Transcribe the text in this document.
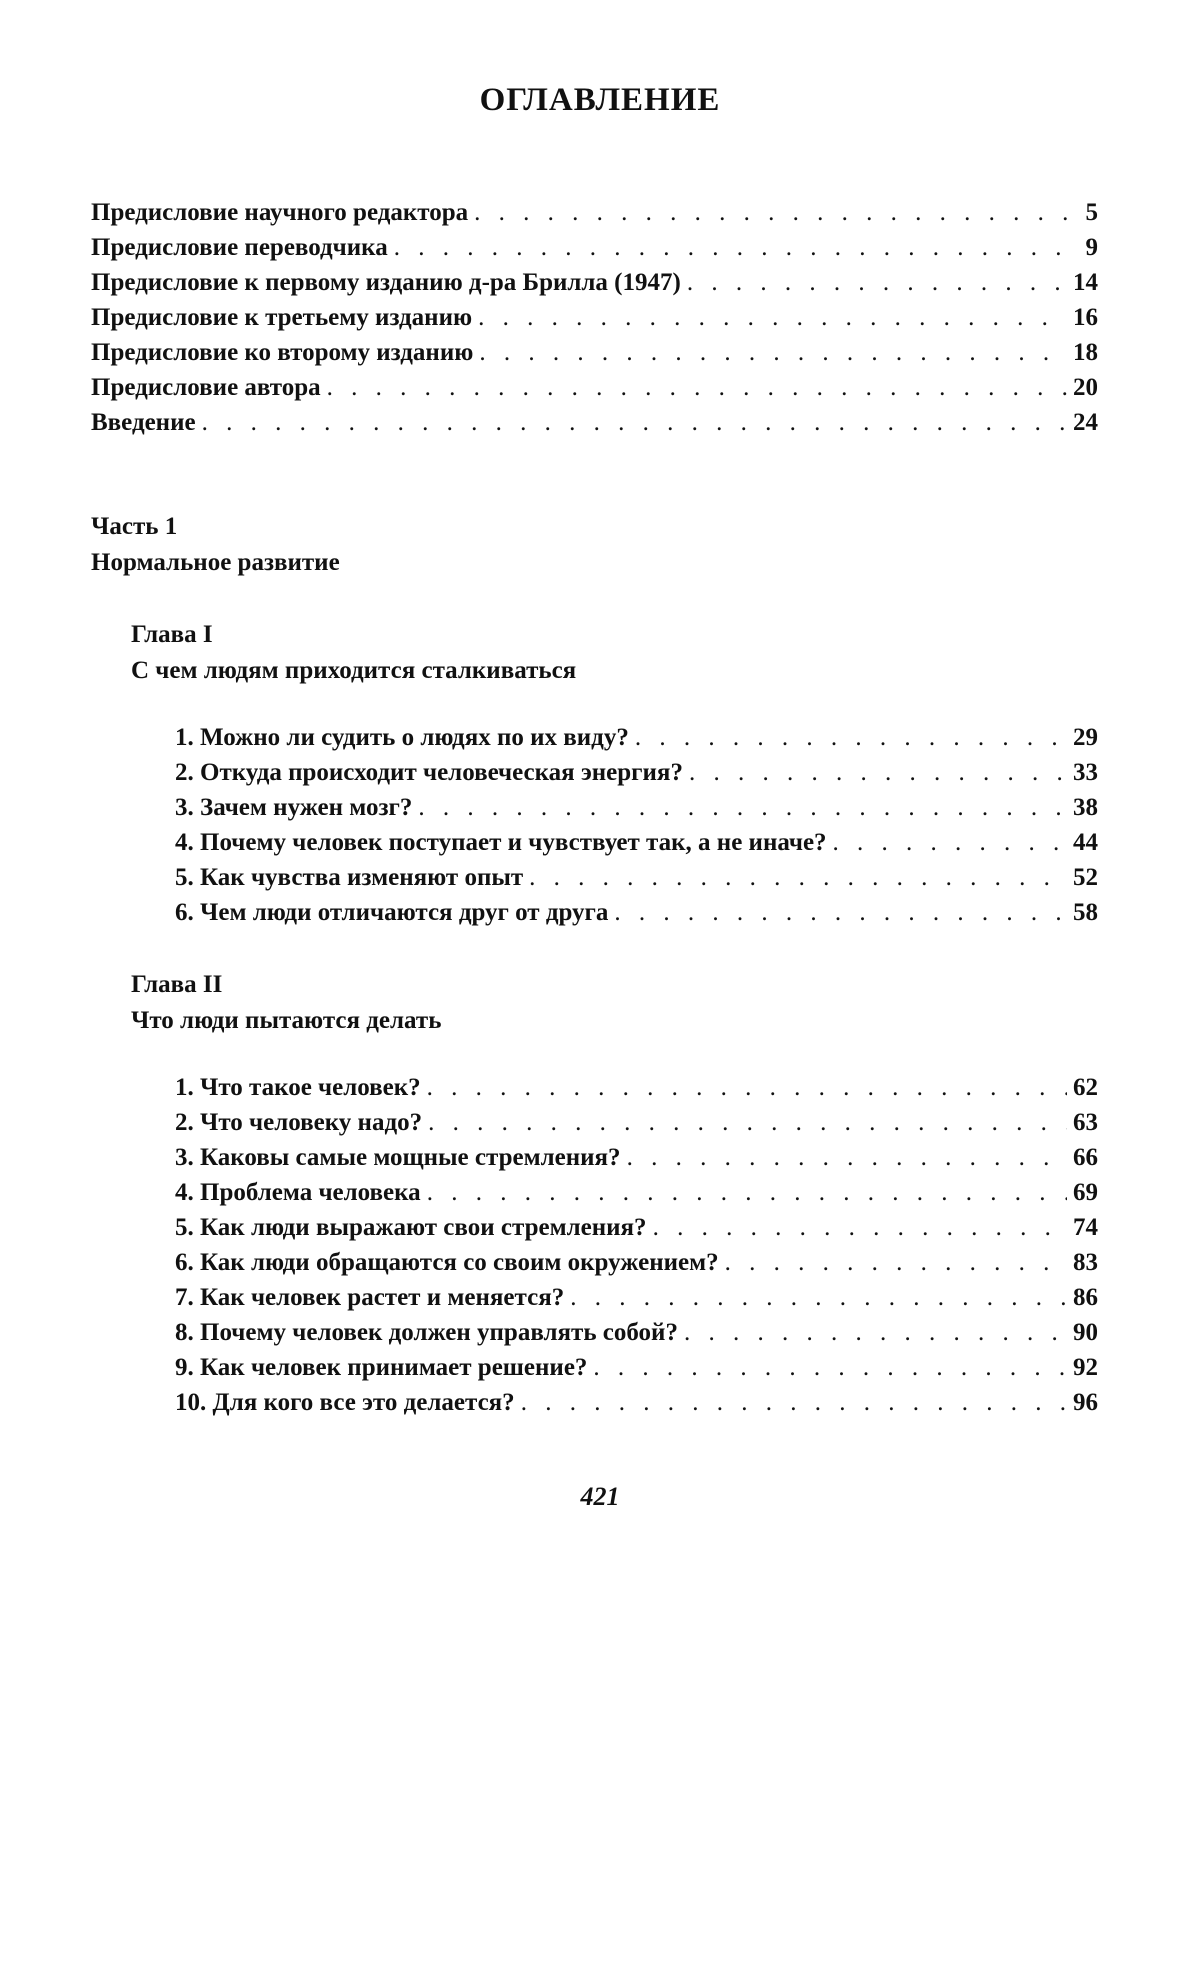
ОГЛАВЛЕНИЕ
Предисловие научного редактора . . .	5
Предисловие переводчика . . .	9
Предисловие к первому изданию д-ра Брилла (1947) . . .	14
Предисловие к третьему изданию . . .	16
Предисловие ко второму изданию . . .	18
Предисловие автора . . .	20
Введение . . .	24
Часть 1
Нормальное развитие
Глава I
С чем людям приходится сталкиваться
1. Можно ли судить о людях по их виду? . . .	29
2. Откуда происходит человеческая энергия? . . .	33
3. Зачем нужен мозг? . . .	38
4. Почему человек поступает и чувствует так, а не иначе? . . .	44
5. Как чувства изменяют опыт . . .	52
6. Чем люди отличаются друг от друга . . .	58
Глава II
Что люди пытаются делать
1. Что такое человек? . . .	62
2. Что человеку надо? . . .	63
3. Каковы самые мощные стремления? . . .	66
4. Проблема человека . . .	69
5. Как люди выражают свои стремления? . . .	74
6. Как люди обращаются со своим окружением? . . .	83
7. Как человек растет и меняется? . . .	86
8. Почему человек должен управлять собой? . . .	90
9. Как человек принимает решение? . . .	92
10. Для кого все это делается? . . .	96
421
